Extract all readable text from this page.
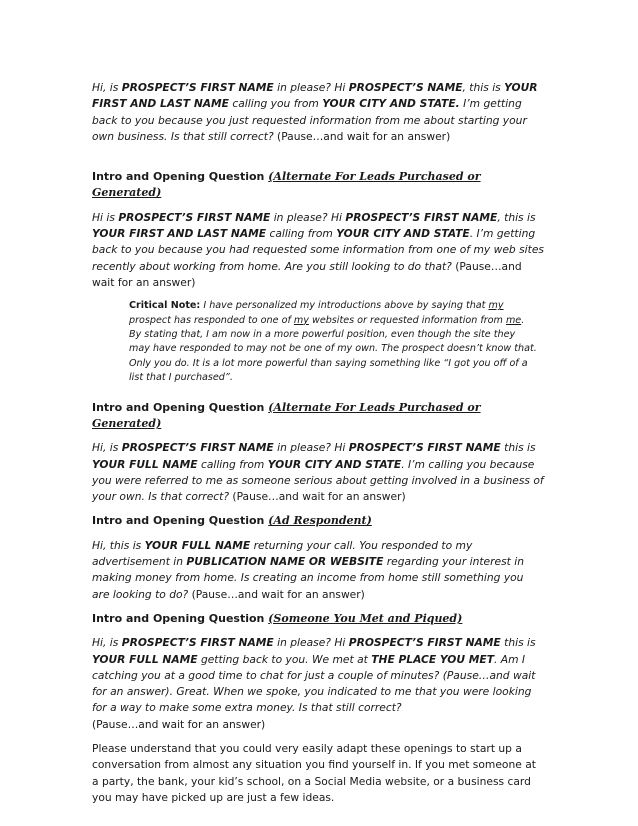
Hi, is PROSPECT’S FIRST NAME in please? Hi PROSPECT’S NAME, this is YOUR FIRST AND LAST NAME calling you from YOUR CITY AND STATE. I’m getting back to you because you just requested information from me about starting your own business. Is that still correct? (Pause…and wait for an answer)

Intro and Opening Question (Alternate For Leads Purchased or Generated)

Hi is PROSPECT’S FIRST NAME in please? Hi PROSPECT’S FIRST NAME, this is YOUR FIRST AND LAST NAME calling from YOUR CITY AND STATE. I’m getting back to you because you had requested some information from one of my web sites recently about working from home. Are you still looking to do that? (Pause…and wait for an answer)

Critical Note: I have personalized my introductions above by saying that my prospect has responded to one of my websites or requested information from me. By stating that, I am now in a more powerful position, even though the site they may have responded to may not be one of my own. The prospect doesn’t know that. Only you do. It is a lot more powerful than saying something like “I got you off of a list that I purchased”.

Intro and Opening Question (Alternate For Leads Purchased or Generated)

Hi, is PROSPECT’S FIRST NAME in please? Hi PROSPECT’S FIRST NAME this is YOUR FULL NAME calling from YOUR CITY AND STATE. I’m calling you because you were referred to me as someone serious about getting involved in a business of your own. Is that correct? (Pause…and wait for an answer)

Intro and Opening Question (Ad Respondent)

Hi, this is YOUR FULL NAME returning your call. You responded to my advertisement in PUBLICATION NAME OR WEBSITE regarding your interest in making money from home. Is creating an income from home still something you are looking to do? (Pause…and wait for an answer)

Intro and Opening Question (Someone You Met and Piqued)

Hi, is PROSPECT’S FIRST NAME in please? Hi PROSPECT’S FIRST NAME this is YOUR FULL NAME getting back to you. We met at THE PLACE YOU MET. Am I catching you at a good time to chat for just a couple of minutes? (Pause…and wait for an answer). Great. When we spoke, you indicated to me that you were looking for a way to make some extra money. Is that still correct?
(Pause…and wait for an answer)

Please understand that you could very easily adapt these openings to start up a conversation from almost any situation you find yourself in. If you met someone at a party, the bank, your kid’s school, on a Social Media website, or a business card you may have picked up are just a few ideas.
